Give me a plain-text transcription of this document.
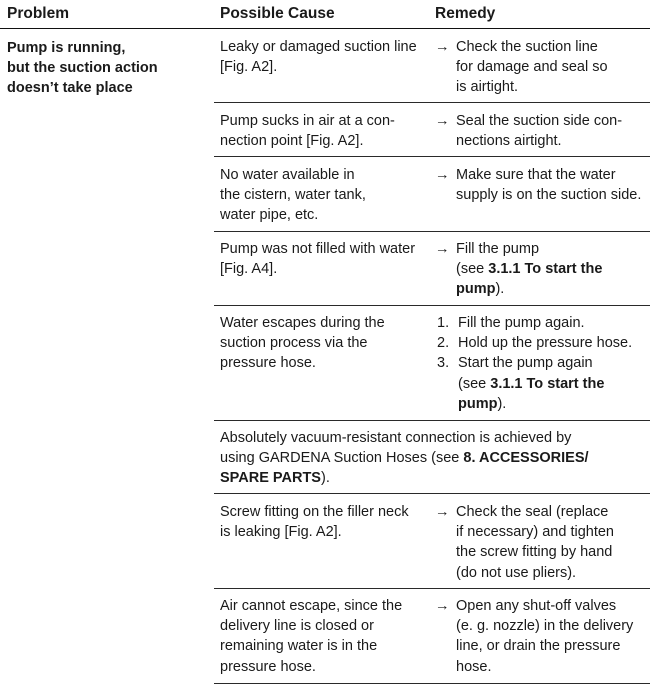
Problem	Possible Cause	Remedy
Pump is running,
but the suction action
doesn’t take place
Leaky or damaged suction line
[Fig. A2].
→ Check the suction line
for damage and seal so
is airtight.
Pump sucks in air at a con-
nection point [Fig. A2].
→ Seal the suction side con-
nections airtight.
No water available in
the cistern, water tank,
water pipe, etc.
→ Make sure that the water
supply is on the suction side.
Pump was not filled with water
[Fig. A4].
→ Fill the pump
(see 3.1.1 To start the
pump).
Water escapes during the
suction process via the
pressure hose.
1. Fill the pump again.
2. Hold up the pressure hose.
3. Start the pump again
(see 3.1.1 To start the
pump).
Absolutely vacuum-resistant connection is achieved by
using GARDENA Suction Hoses (see 8. ACCESSORIES/
SPARE PARTS).
Screw fitting on the filler neck
is leaking [Fig. A2].
→ Check the seal (replace
if necessary) and tighten
the screw fitting by hand
(do not use pliers).
Air cannot escape, since the
delivery line is closed or
remaining water is in the
pressure hose.
→ Open any shut-off valves
(e. g. nozzle) in the delivery
line, or drain the pressure
hose.
